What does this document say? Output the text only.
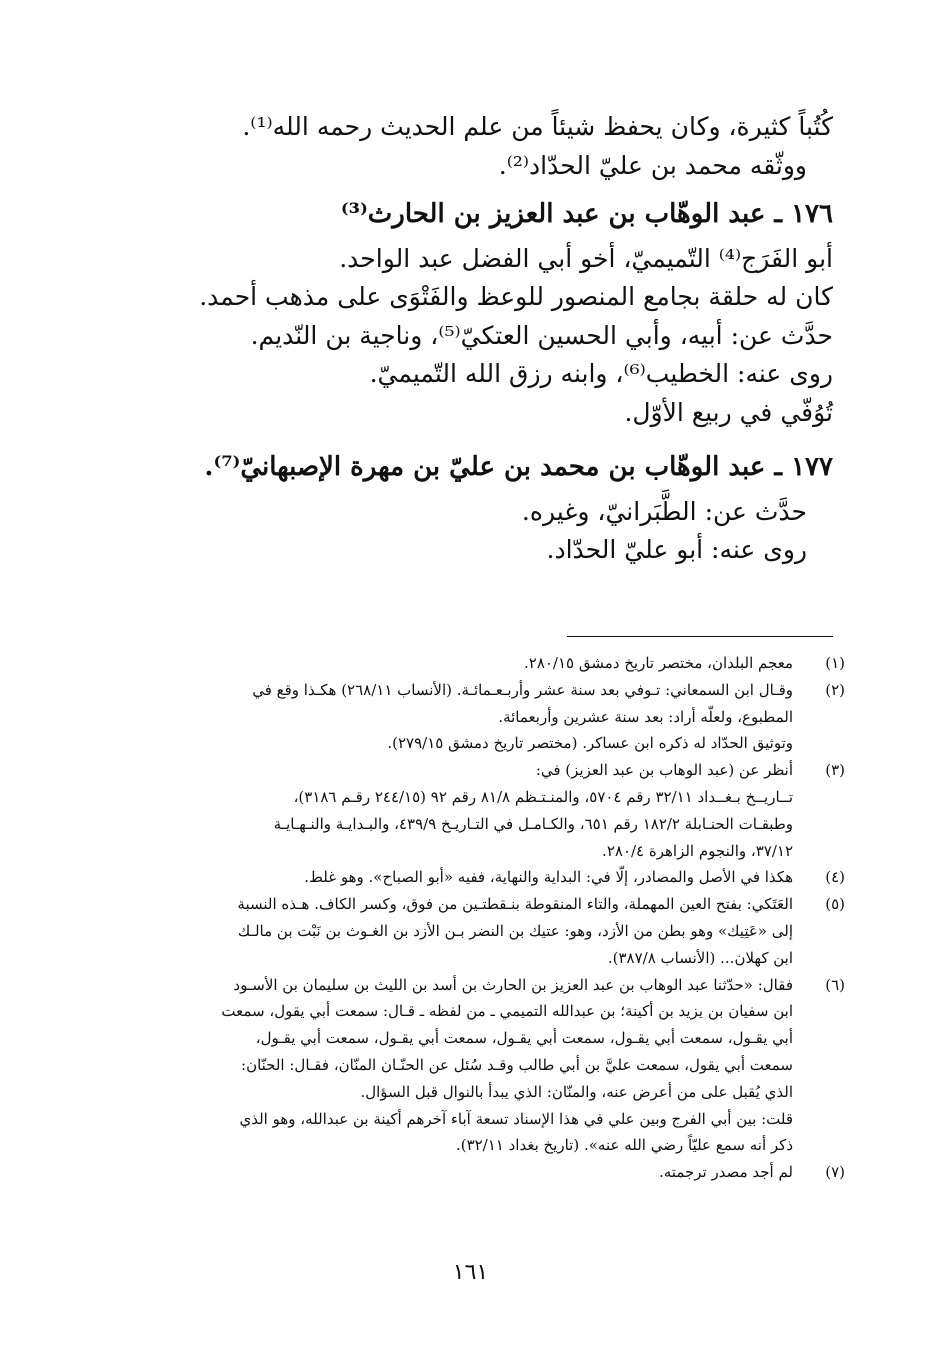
كُتُباً كثيرة، وكان يحفظ شيئاً من علم الحديث رحمه الله⁽¹⁾.
ووثّقه محمد بن عليّ الحدّاد⁽²⁾.
١٧٦ ـ عبد الوهّاب بن عبد العزيز بن الحارث⁽³⁾
أبو الفَرَج⁽⁴⁾ التّميميّ، أخو أبي الفضل عبد الواحد.
كان له حلقة بجامع المنصور للوعظ والفَتْوَى على مذهب أحمد.
حدَّث عن: أبيه، وأبي الحسين العتكيّ⁽⁵⁾، وناجية بن النّديم.
روى عنه: الخطيب⁽⁶⁾، وابنه رزق الله التّميميّ.
تُوُفّي في ربيع الأوّل.
١٧٧ ـ عبد الوهّاب بن محمد بن عليّ بن مهرة الإصبهانيّ⁽⁷⁾.
حدَّث عن: الطَّبَرانيّ، وغيره.
روى عنه: أبو عليّ الحدّاد.
(١)
معجم البلدان، مختصر تاريخ دمشق ٢٨٠/١٥.
(٢)
وقـال ابن السمعاني: تـوفي بعد سنة عشر وأربـعـمائـة. (الأنساب ٢٦٨/١١) هكـذا وقع في
المطبوع، ولعلّه أراد: بعد سنة عشرين وأربعمائة.
وتوثيق الحدّاد له ذكره ابن عساكر. (مختصر تاريخ دمشق ٢٧٩/١٥).
(٣)
أنظر عن (عبد الوهاب بن عبد العزيز) في:
تــاريــخ بـغــداد ٣٢/١١ رقم ٥٧٠٤، والمنـتـظم ٨١/٨ رقم ٩٢ (٢٤٤/١٥ رقـم ٣١٨٦)،
وطبقـات الحنـابلة ١٨٢/٢ رقم ٦٥١، والكـامـل في التـاريـخ ٤٣٩/٩، والبـدايـة والنـهـايـة
٣٧/١٢، والنجوم الزاهرة ٢٨٠/٤.
(٤)
هكذا في الأصل والمصادر، إلّا في: البداية والنهاية، ففيه «أبو الصباح». وهو غلط.
(٥)
العَتَكي: بفتح العين المهملة، والتاء المنقوطة بنـقطتـين من فوق، وكسر الكاف. هـذه النسبة
إلى «عَتِيك» وهو بطن من الأزد، وهو: عتيك بن النضر بـن الأزد بن الغـوث بن نَبْت بن مالـك
ابن كهلان... (الأنساب ٣٨٧/٨).
(٦)
فقال: «حدّثنا عبد الوهاب بن عبد العزيز بن الحارث بن أسد بن الليث بن سليمان بن الأسـود
ابن سفيان بن يزيد بن أكينة؛ بن عبدالله التميمي ـ من لفظه ـ قـال: سمعت أبي يقول، سمعت
أبي يقـول، سمعت أبي يقـول، سمعت أبي يقـول، سمعت أبي يقـول، سمعت أبي يقـول،
سمعت أبي يقول، سمعت عليَّ بن أبي طالب وقـد سُئل عن الحنّـان المنّان، فقـال: الحنّان:
الذي يُقبل على من أعرض عنه، والمنّان: الذي يبدأ بالنوال قبل السؤال.
قلت: بين أبي الفرج وبين علي في هذا الإسناد تسعة آباء آخرهم أكينة بن عبدالله، وهو الذي
ذكر أنه سمع عليّاً رضي الله عنه». (تاريخ بغداد ٣٢/١١).
(٧)
لم أجد مصدر ترجمته.
١٦١
